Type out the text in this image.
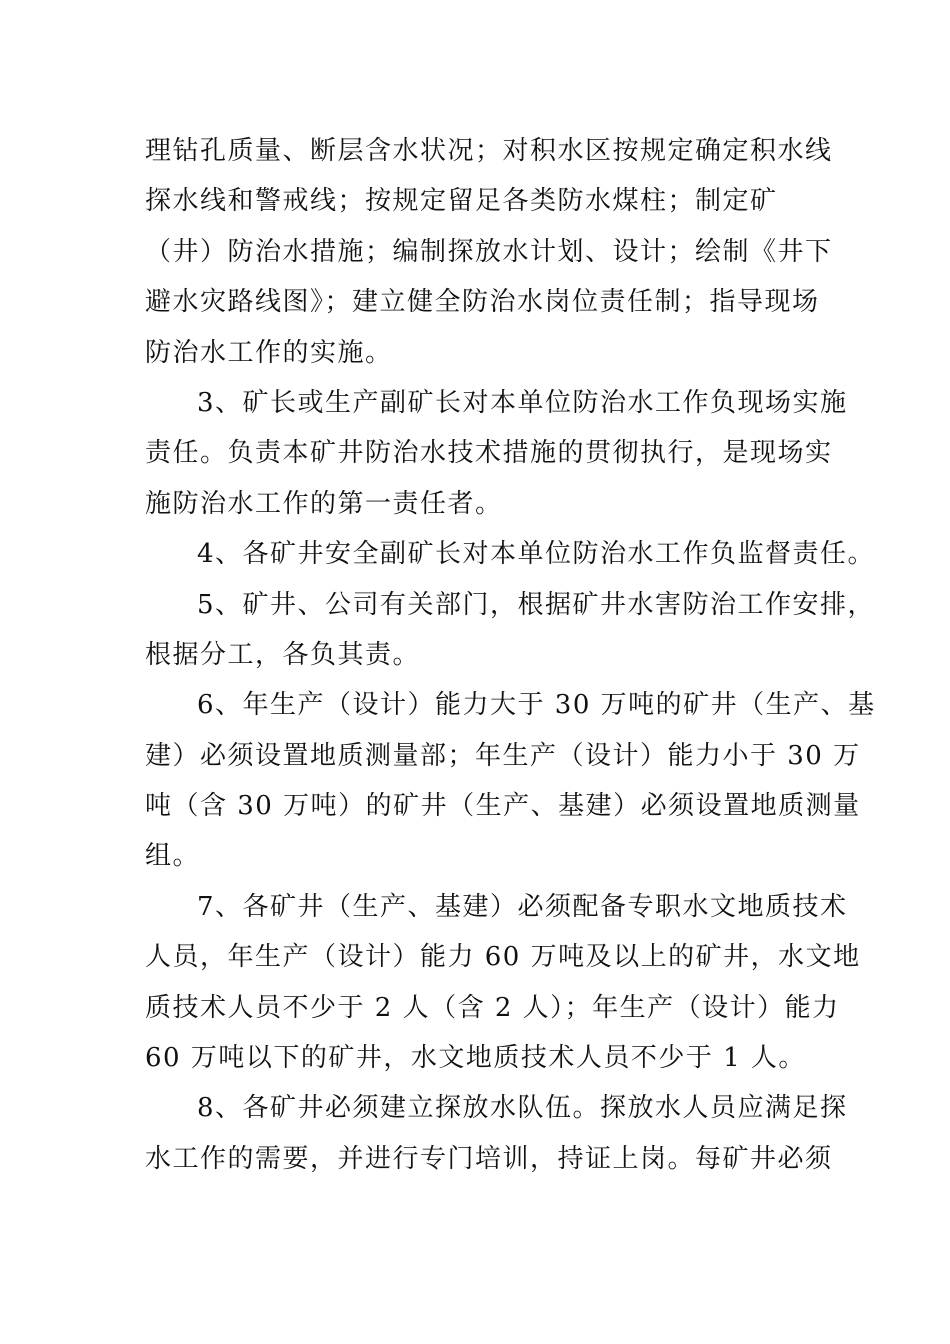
理钻孔质量、断层含水状况；对积水区按规定确定积水线
探水线和警戒线；按规定留足各类防水煤柱；制定矿
（井）防治水措施；编制探放水计划、设计；绘制《井下
避水灾路线图》；建立健全防治水岗位责任制；指导现场
防治水工作的实施。
3、矿长或生产副矿长对本单位防治水工作负现场实施
责任。负责本矿井防治水技术措施的贯彻执行，是现场实
施防治水工作的第一责任者。
4、各矿井安全副矿长对本单位防治水工作负监督责任。
5、矿井、公司有关部门，根据矿井水害防治工作安排，
根据分工，各负其责。
6、年生产（设计）能力大于 30 万吨的矿井（生产、基
建）必须设置地质测量部；年生产（设计）能力小于 30 万
吨（含 30 万吨）的矿井（生产、基建）必须设置地质测量
组。
7、各矿井（生产、基建）必须配备专职水文地质技术
人员，年生产（设计）能力 60 万吨及以上的矿井，水文地
质技术人员不少于 2 人（含 2 人）；年生产（设计）能力
60 万吨以下的矿井，水文地质技术人员不少于 1 人。
8、各矿井必须建立探放水队伍。探放水人员应满足探
水工作的需要，并进行专门培训，持证上岗。每矿井必须
